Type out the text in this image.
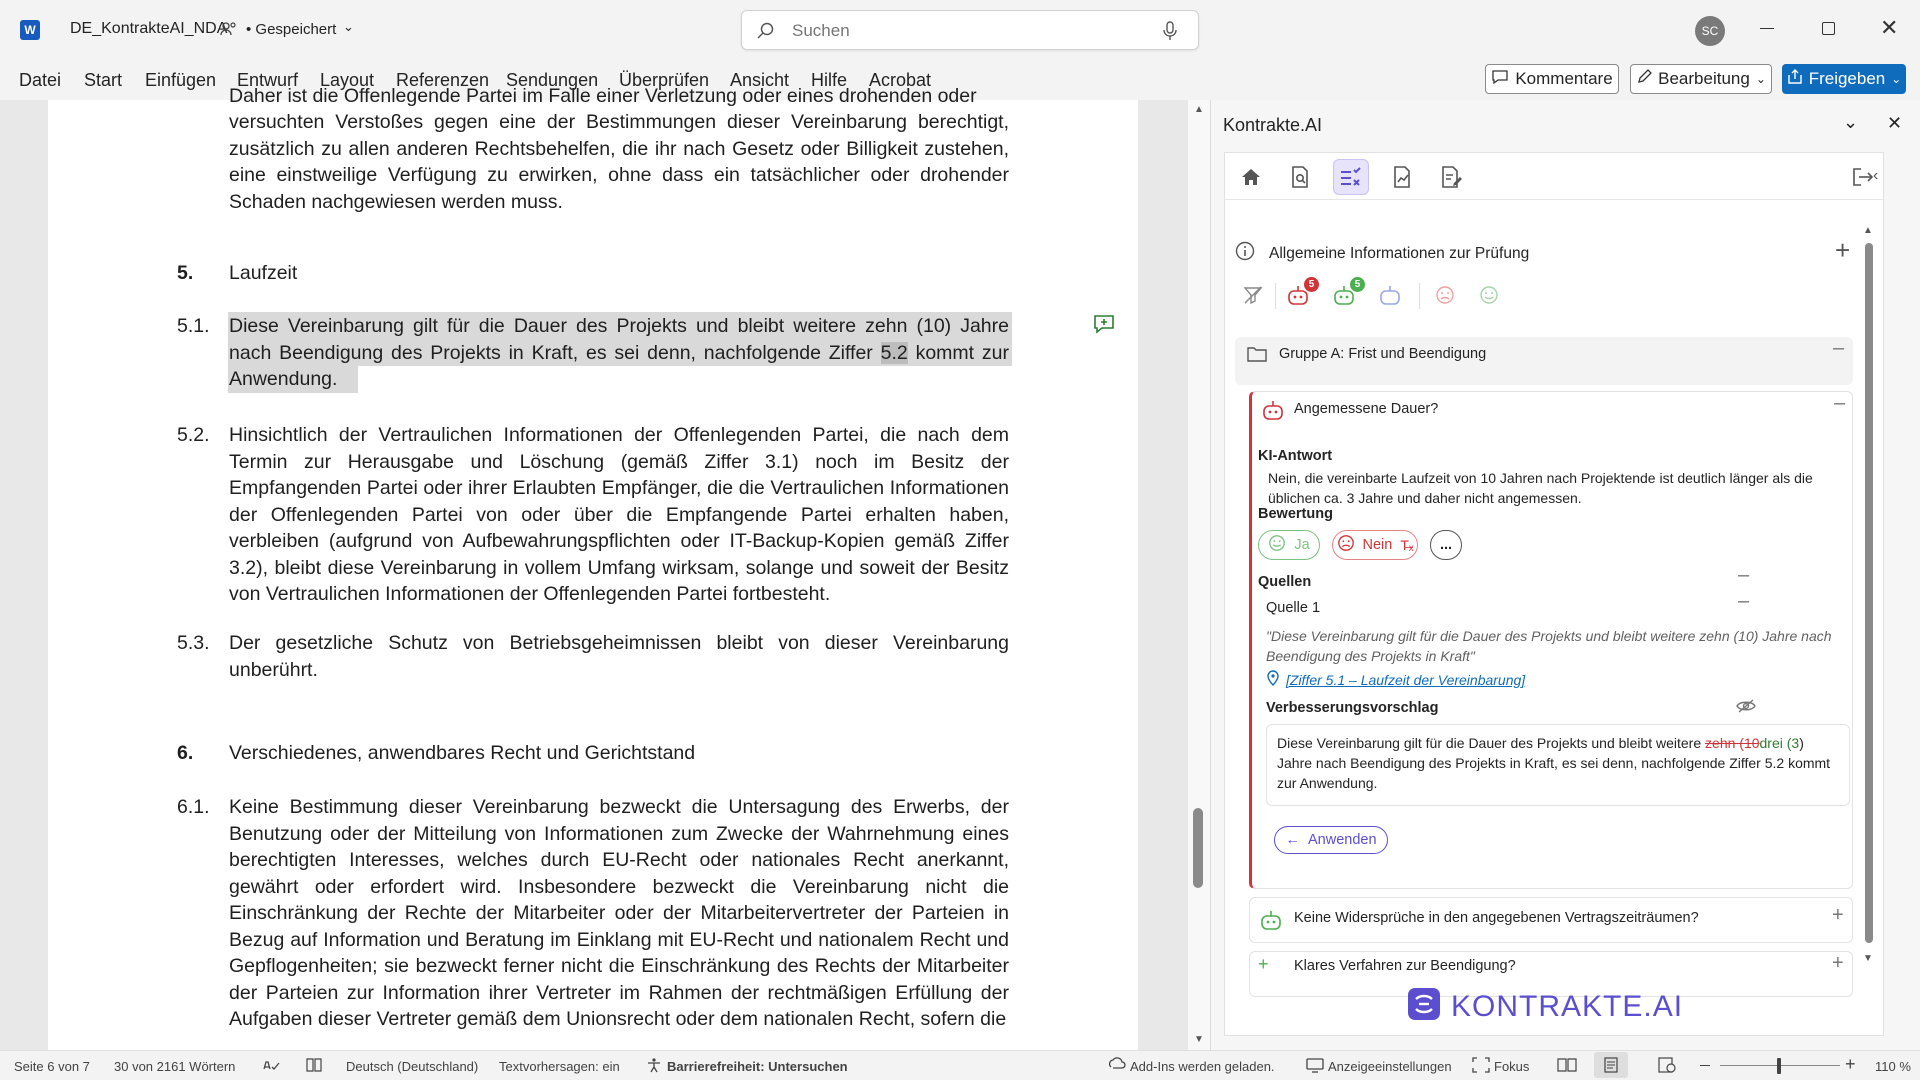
W DE_KontrakteAI_NDA • Gespeichert ⌄
Suchen	SC	✕
Datei Start Einfügen Entwurf Layout Referenzen Sendungen Überprüfen Ansicht Hilfe Acrobat	Kommentare	Bearbeitung ⌄	Freigeben ⌄
Daher ist die Offenlegende Partei im Falle einer Verletzung oder eines drohenden oder
versuchten Verstoßes gegen eine der Bestimmungen dieser Vereinbarung berechtigt, zusätzlich zu allen anderen Rechtsbehelfen, die ihr nach Gesetz oder Billigkeit zustehen, eine einstweilige Verfügung zu erwirken, ohne dass ein tatsächlicher oder drohender Schaden nachgewiesen werden muss.
5. Laufzeit
5.1. Diese Vereinbarung gilt für die Dauer des Projekts und bleibt weitere zehn (10) Jahre nach Beendigung des Projekts in Kraft, es sei denn, nachfolgende Ziffer 5.2 kommt zur Anwendung.
5.2. Hinsichtlich der Vertraulichen Informationen der Offenlegenden Partei, die nach dem Termin zur Herausgabe und Löschung (gemäß Ziffer 3.1) noch im Besitz der Empfangenden Partei oder ihrer Erlaubten Empfänger, die die Vertraulichen Informationen der Offenlegenden Partei von oder über die Empfangende Partei erhalten haben, verbleiben (aufgrund von Aufbewahrungspflichten oder IT-Backup-Kopien gemäß Ziffer 3.2), bleibt diese Vereinbarung in vollem Umfang wirksam, solange und soweit der Besitz von Vertraulichen Informationen der Offenlegenden Partei fortbesteht.
5.3. Der gesetzliche Schutz von Betriebsgeheimnissen bleibt von dieser Vereinbarung unberührt.
6. Verschiedenes, anwendbares Recht und Gerichtstand
6.1. Keine Bestimmung dieser Vereinbarung bezweckt die Untersagung des Erwerbs, der Benutzung oder der Mitteilung von Informationen zum Zwecke der Wahrnehmung eines berechtigten Interesses, welches durch EU-Recht oder nationales Recht anerkannt, gewährt oder erfordert wird. Insbesondere bezweckt die Vereinbarung nicht die Einschränkung der Rechte der Mitarbeiter oder der Mitarbeitervertreter der Parteien in Bezug auf Information und Beratung im Einklang mit EU-Recht und nationalem Recht und Gepflogenheiten; sie bezweckt ferner nicht die Einschränkung des Rechts der Mitarbeiter der Parteien zur Information ihrer Vertreter im Rahmen der rechtmäßigen Erfüllung der Aufgaben dieser Vertreter gemäß dem Unionsrecht oder dem nationalen Recht, sofern die
▲
▼
Kontrakte.AI	⌄ ✕
‹
▲
▼
Allgemeine Informationen zur Prüfung	+
5	5
Gruppe A: Frist und Beendigung	–
Angemessene Dauer?	–
KI-Antwort
Nein, die vereinbarte Laufzeit von 10 Jahren nach Projektende ist deutlich länger als die üblichen ca. 3 Jahre und daher nicht angemessen.
Bewertung
Ja	Nein T̶ₓ ...
Quellen	–
Quelle 1	–
"Diese Vereinbarung gilt für die Dauer des Projekts und bleibt weitere zehn (10) Jahre nach Beendigung des Projekts in Kraft"
[Ziffer 5.1 – Laufzeit der Vereinbarung]
Verbesserungsvorschlag
Diese Vereinbarung gilt für die Dauer des Projekts und bleibt weitere zehn (10drei (3) Jahre nach Beendigung des Projekts in Kraft, es sei denn, nachfolgende Ziffer 5.2 kommt zur Anwendung.
← Anwenden
Keine Widersprüche in den angegebenen Vertragszeiträumen?	+
+ Klares Verfahren zur Beendigung?	+
KONTRAKTE.AI
Seite 6 von 7 30 von 2161 Wörtern	Deutsch (Deutschland) Textvorhersagen: ein	Barrierefreiheit: Untersuchen	Add-Ins werden geladen.	Anzeigeeinstellungen	Fokus	+ 110 %
